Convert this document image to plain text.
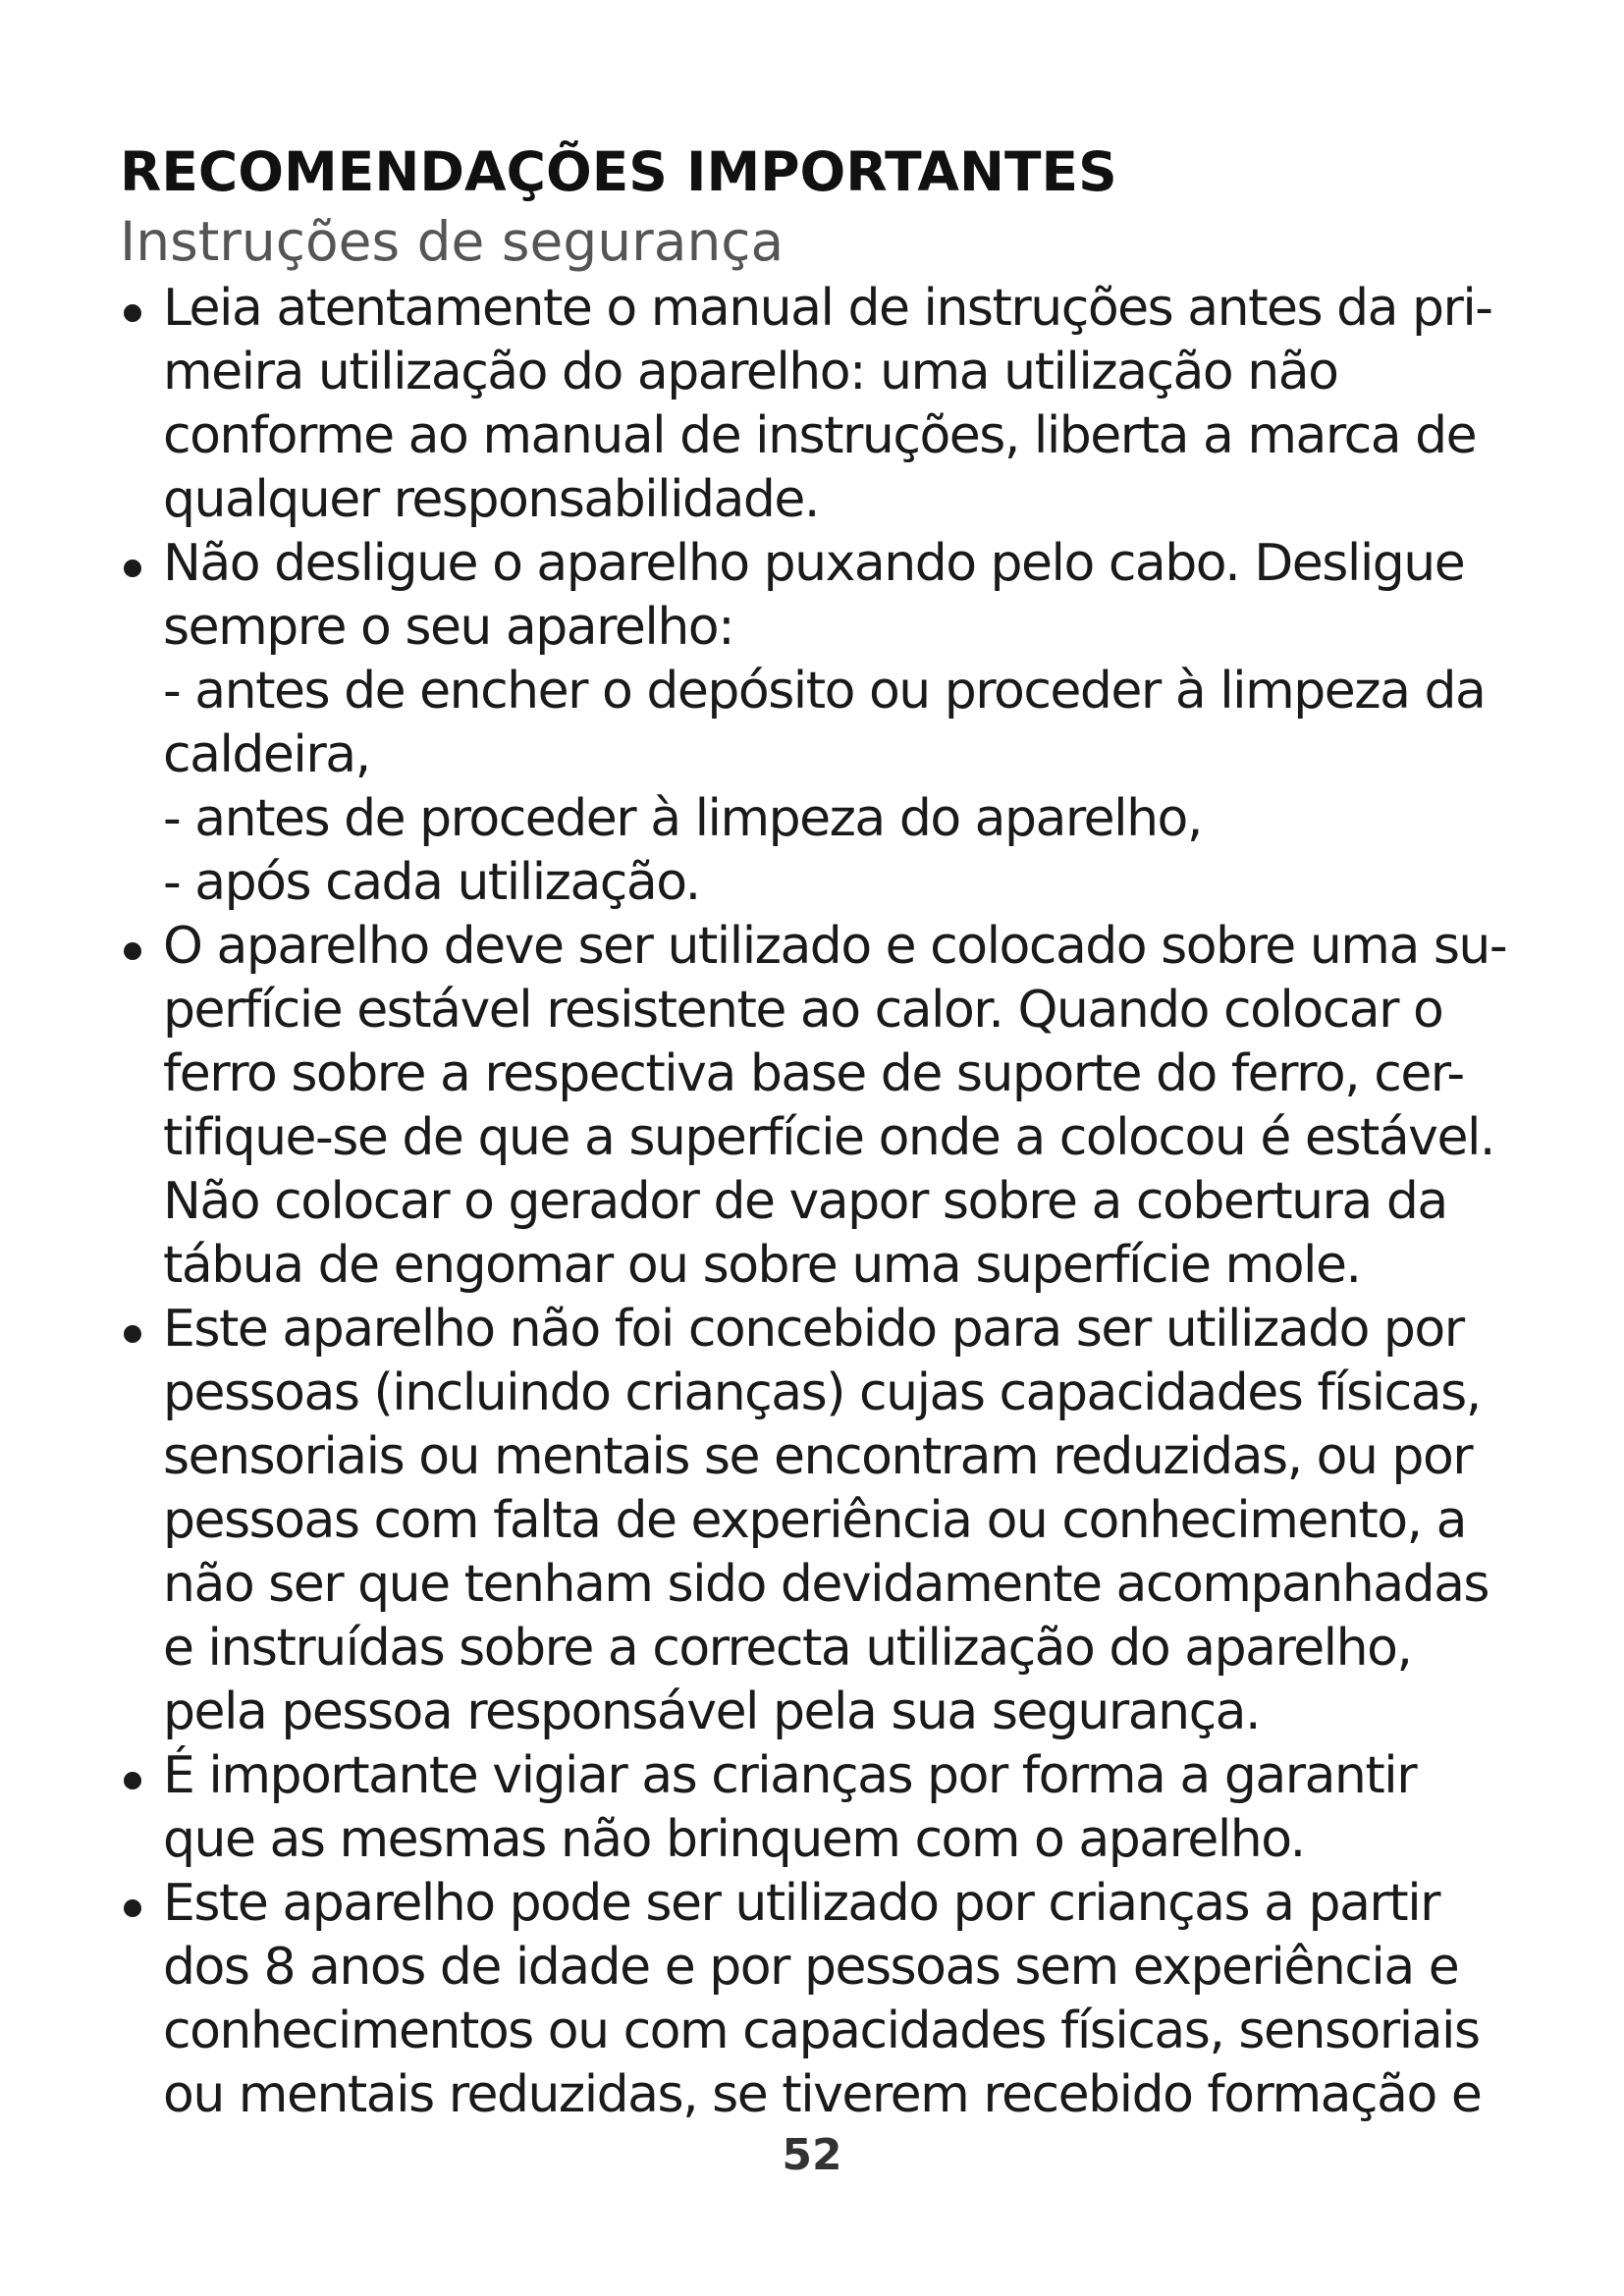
RECOMENDAÇÕES IMPORTANTES
Instruções de segurança
Leia atentamente o manual de instruções antes da pri-
meira utilização do aparelho: uma utilização não
conforme ao manual de instruções, liberta a marca de
qualquer responsabilidade.
Não desligue o aparelho puxando pelo cabo. Desligue
sempre o seu aparelho:
- antes de encher o depósito ou proceder à limpeza da
caldeira,
- antes de proceder à limpeza do aparelho,
- após cada utilização.
O aparelho deve ser utilizado e colocado sobre uma su-
perfície estável resistente ao calor. Quando colocar o
ferro sobre a respectiva base de suporte do ferro, cer-
tifique-se de que a superfície onde a colocou é estável.
Não colocar o gerador de vapor sobre a cobertura da
tábua de engomar ou sobre uma superfície mole.
Este aparelho não foi concebido para ser utilizado por
pessoas (incluindo crianças) cujas capacidades físicas,
sensoriais ou mentais se encontram reduzidas, ou por
pessoas com falta de experiência ou conhecimento, a
não ser que tenham sido devidamente acompanhadas
e instruídas sobre a correcta utilização do aparelho,
pela pessoa responsável pela sua segurança.
É importante vigiar as crianças por forma a garantir
que as mesmas não brinquem com o aparelho.
Este aparelho pode ser utilizado por crianças a partir
dos 8 anos de idade e por pessoas sem experiência e
conhecimentos ou com capacidades físicas, sensoriais
ou mentais reduzidas, se tiverem recebido formação e
52
